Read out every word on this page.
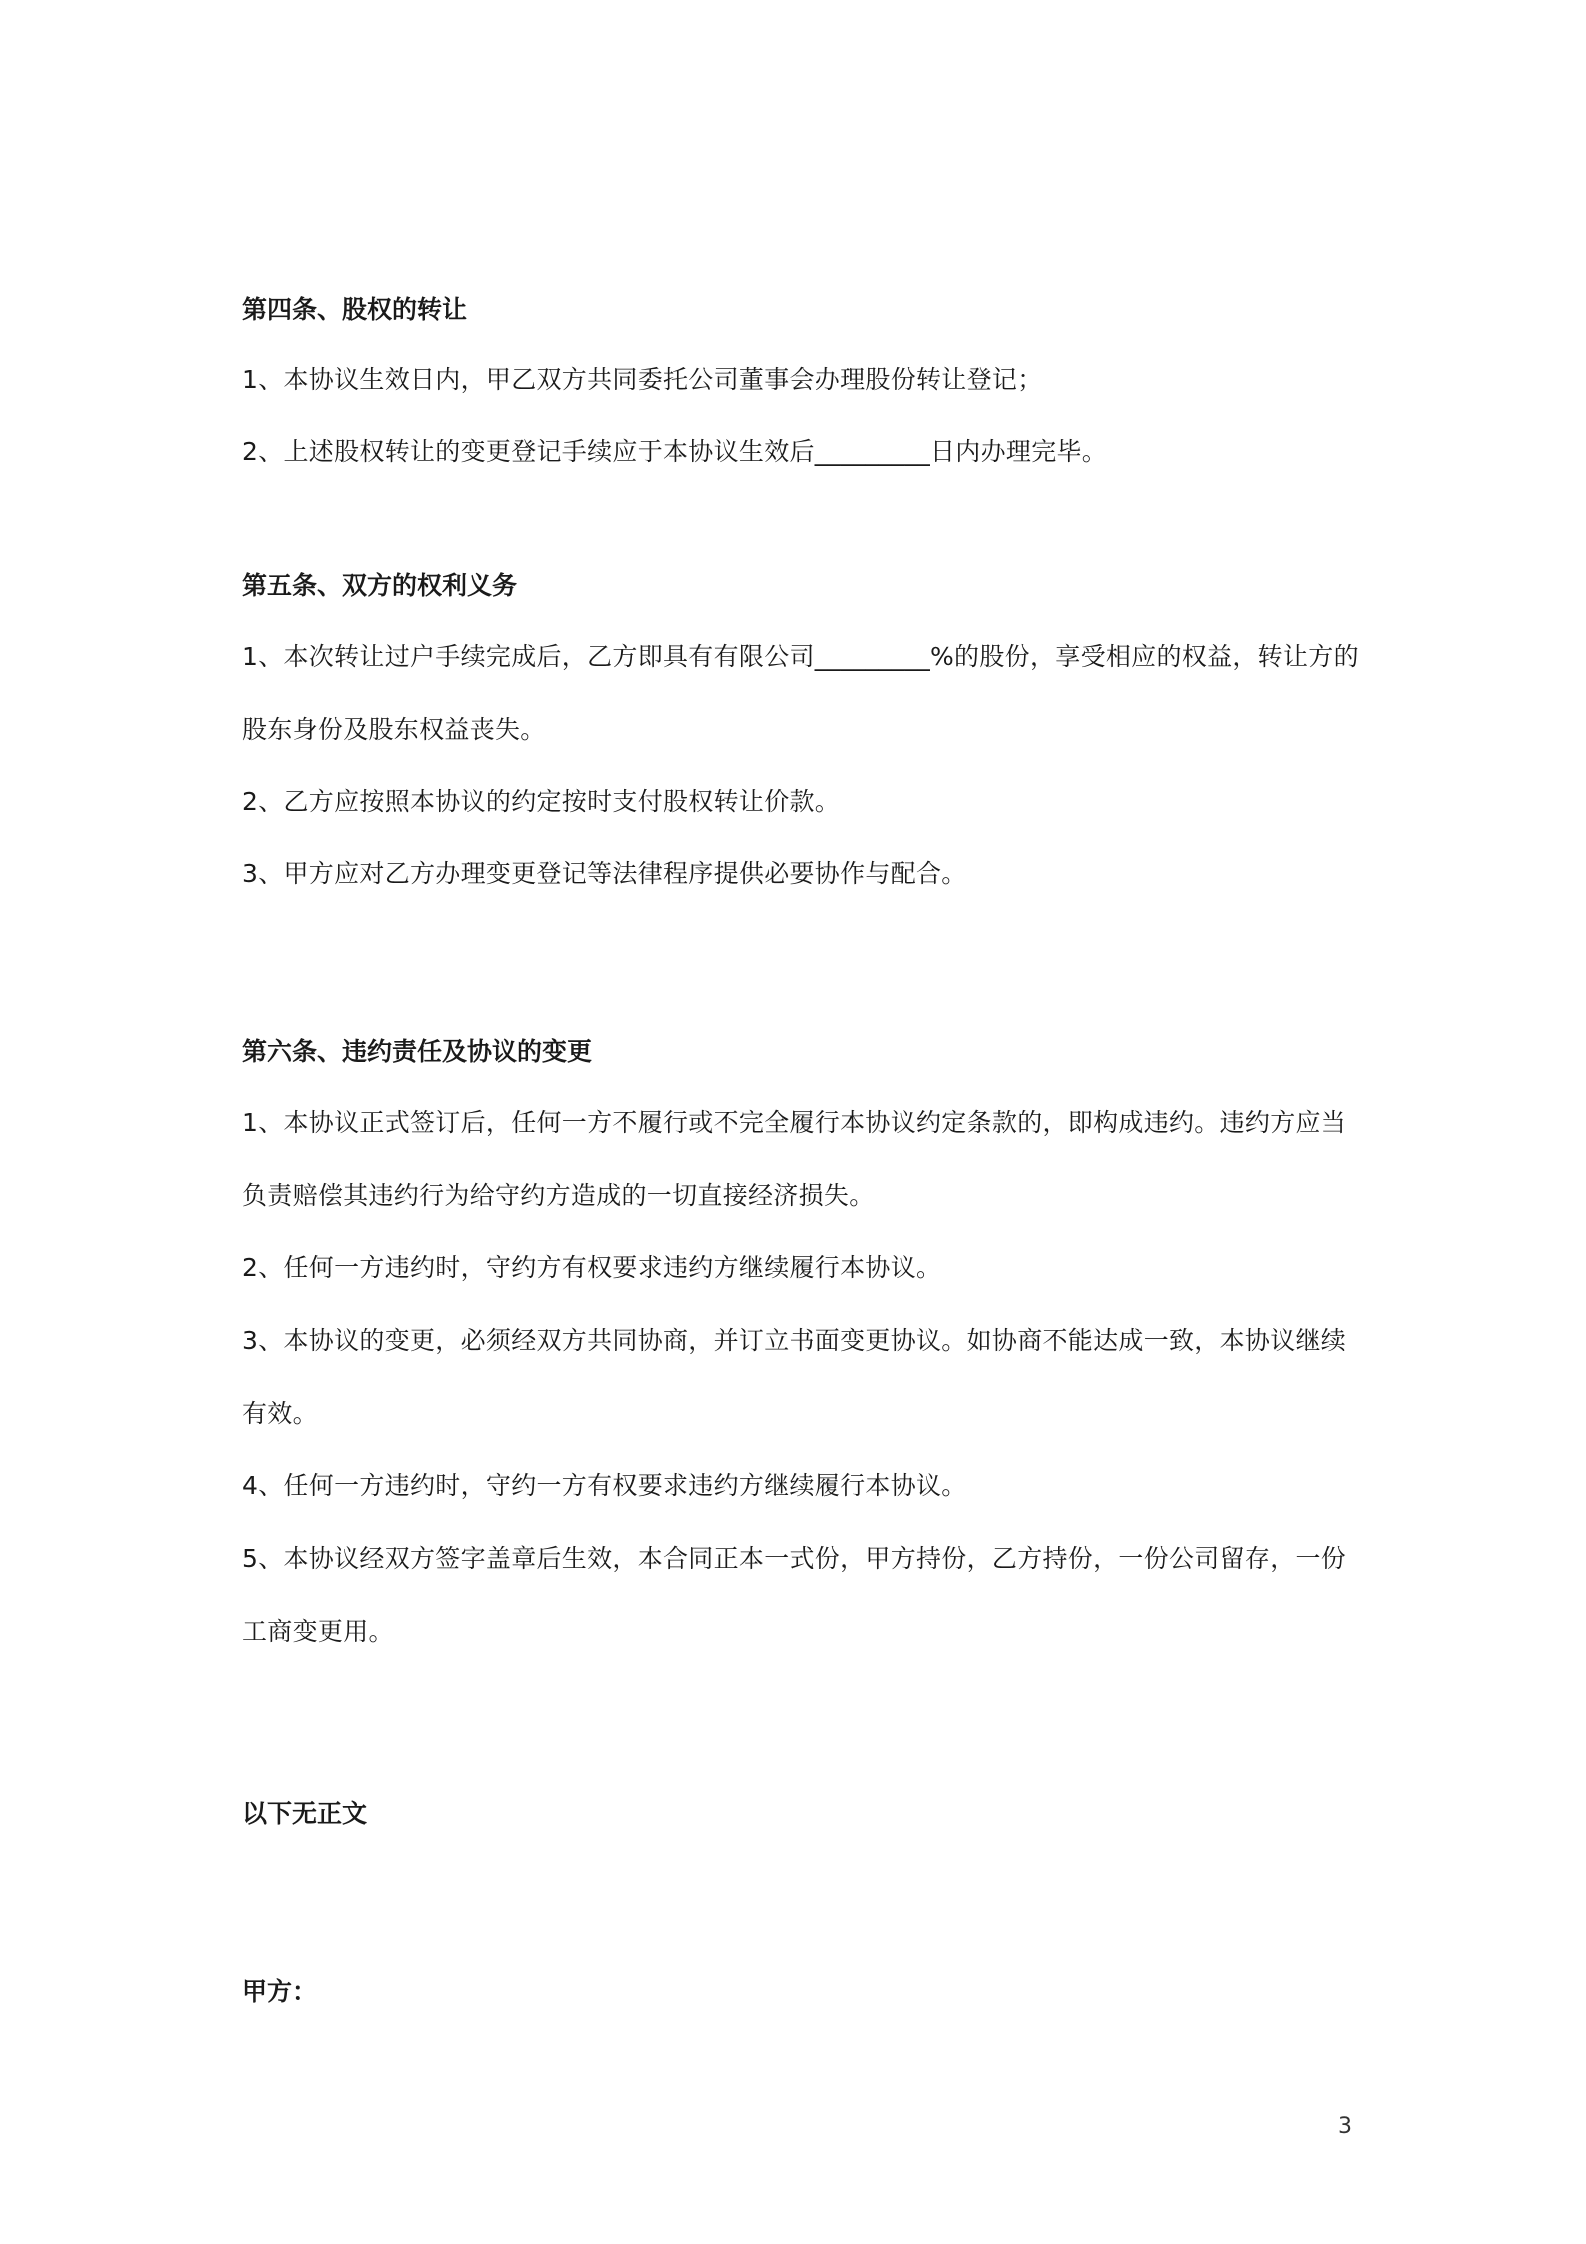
第四条、股权的转让
1、本协议生效日内，甲乙双方共同委托公司董事会办理股份转让登记；
2、上述股权转让的变更登记手续应于本协议生效后_________日内办理完毕。
第五条、双方的权利义务
1、本次转让过户手续完成后，乙方即具有有限公司_________%的股份，享受相应的权益，转让方的股东身份及股东权益丧失。
2、乙方应按照本协议的约定按时支付股权转让价款。
3、甲方应对乙方办理变更登记等法律程序提供必要协作与配合。
第六条、违约责任及协议的变更
1、本协议正式签订后，任何一方不履行或不完全履行本协议约定条款的，即构成违约。违约方应当负责赔偿其违约行为给守约方造成的一切直接经济损失。
2、任何一方违约时，守约方有权要求违约方继续履行本协议。
3、本协议的变更，必须经双方共同协商，并订立书面变更协议。如协商不能达成一致，本协议继续有效。
4、任何一方违约时，守约一方有权要求违约方继续履行本协议。
5、本协议经双方签字盖章后生效，本合同正本一式份，甲方持份，乙方持份，一份公司留存，一份工商变更用。
以下无正文
甲方：
3
